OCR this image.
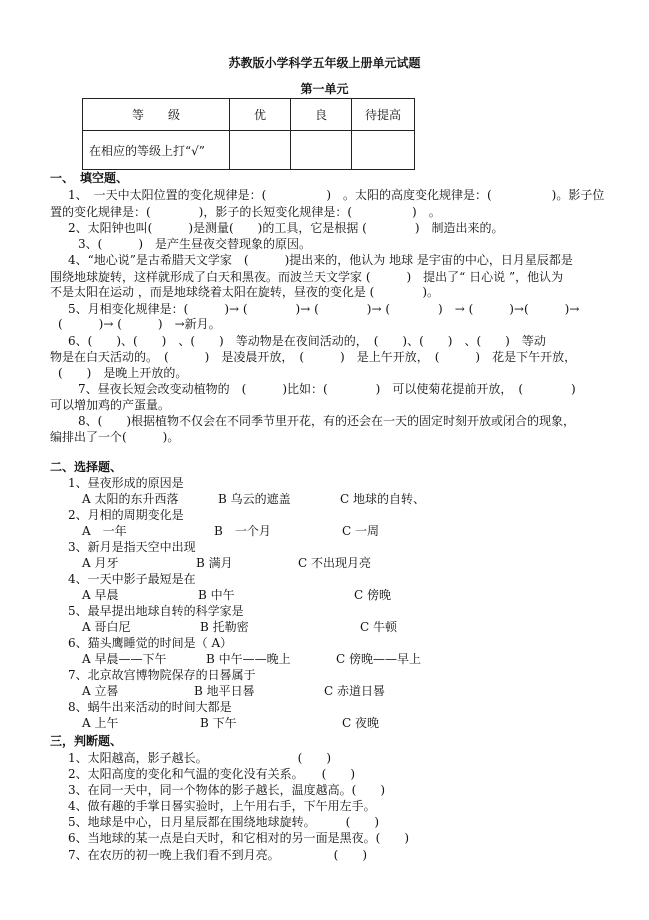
苏教版小学科学五年级上册单元试题
第一单元
等　　级	优	良	待提高
在相应的等级上打“√”			
一、　填空题、
1、　一天中太阳位置的变化规律是：(　　　　　)　。太阳的高度变化规律是：(　　　　　)。影子位
置的变化规律是：(　　　　)，影子的长短变化规律是：(　　　　　)　。
2、太阳钟也叫(　　　)是测量(　　)的工具，它是根据 (　　　　)　制造出来的。
3、(　　　)　是产生昼夜交替现象的原因。
4、“地心说”是古希腊天文学家　(　　　)提出来的，他认为 地球 是宇宙的中心，日月星辰都是
围绕地球旋转，这样就形成了白天和黑夜。而波兰天文学家 (　　　)　提出了“ 日心说 ”，他认为
不是太阳在运动 ，而是地球绕着太阳在旋转，昼夜的变化是 (　　　　)。
5、月相变化规律是：(　　　)→ (　　　　)→ (　　　　)→ (　　　　)　→ (　　　)→(　　　)→
(　　　)→ (　　　)　→新月。
6、(　　)、(　　)　、(　　)　等动物是在夜间活动的，　(　　)、(　　)　、(　　)　等动
物是在白天活动的。　(　　　)　是凌晨开放，　(　　　)　是上午开放，　(　　　)　花是下午开放，
(　　)　是晚上开放的。
7、昼夜长短会改变动植物的　(　　　)比如：(　　　　)　可以使菊花提前开放，　(　　　　)
可以增加鸡的产蛋量。
8、(　　)根据植物不仅会在不同季节里开花，有的还会在一天的固定时刻开放或闭合的现象，
编排出了一个(　　　)。
二、选择题、
1、昼夜形成的原因是
A 太阳的东升西落	B 乌云的遮盖	C 地球的自转、
2、月相的周期变化是
A　一年	B　一个月	C 一周
3、新月是指天空中出现
A 月牙	B 满月	C 不出现月亮
4、一天中影子最短是在
A 早晨	B 中午	C 傍晚
5、最早提出地球自转的科学家是
A 哥白尼	B 托勒密	C 牛顿
6、猫头鹰睡觉的时间是（ A）
A 早晨——下午	B 中午——晚上	C 傍晚——早上
7、北京故宫博物院保存的日晷属于
A 立晷	B 地平日晷	C 赤道日晷
8、蜗牛出来活动的时间大都是
A 上午	B 下午	C 夜晚
三，判断题、
1、太阳越高，影子越长。　　　　　　　　(　　)
2、太阳高度的变化和气温的变化没有关系。　　(　　)
3、在同一天中，同一个物体的影子越长，温度越高。(　　)
4、做有趣的手掌日晷实验时，上午用右手，下午用左手。
5、地球是中心，日月星辰都在围绕地球旋转。　　　(　　)
6、当地球的某一点是白天时，和它相对的另一面是黑夜。(　　)
7、在农历的初一晚上我们看不到月亮。　　　　　(　　)
